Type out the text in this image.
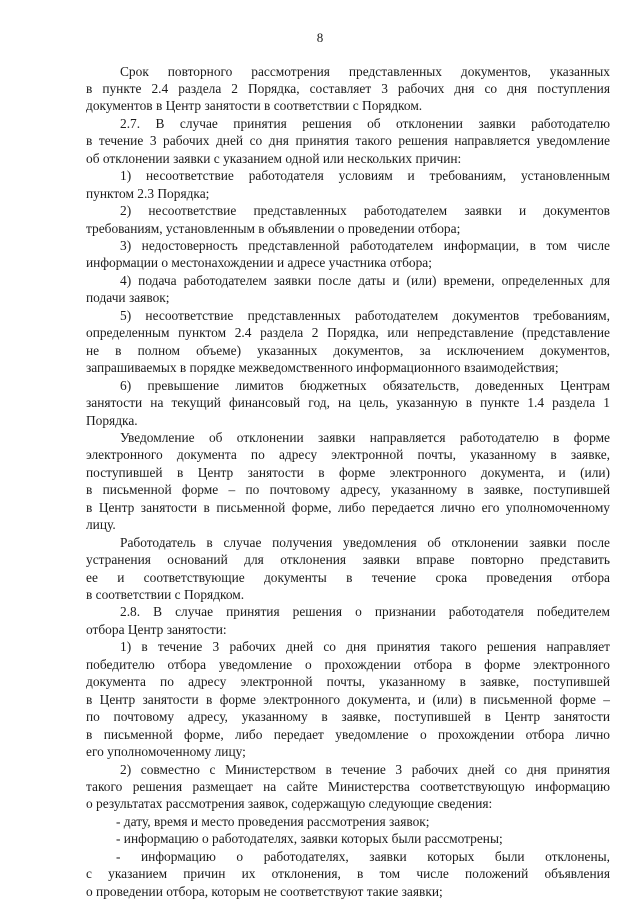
8
Срок повторного рассмотрения представленных документов, указанных
в пункте 2.4 раздела 2 Порядка, составляет 3 рабочих дня со дня поступления
документов в Центр занятости в соответствии с Порядком.
2.7. В случае принятия решения об отклонении заявки работодателю
в течение 3 рабочих дней со дня принятия такого решения направляется уведомление
об отклонении заявки с указанием одной или нескольких причин:
1) несоответствие работодателя условиям и требованиям, установленным
пунктом 2.3 Порядка;
2) несоответствие представленных работодателем заявки и документов
требованиям, установленным в объявлении о проведении отбора;
3) недостоверность представленной работодателем информации, в том числе
информации о местонахождении и адресе участника отбора;
4) подача работодателем заявки после даты и (или) времени, определенных для
подачи заявок;
5) несоответствие представленных работодателем документов требованиям,
определенным пунктом 2.4 раздела 2 Порядка, или непредставление (представление
не в полном объеме) указанных документов, за исключением документов,
запрашиваемых в порядке межведомственного информационного взаимодействия;
6) превышение лимитов бюджетных обязательств, доведенных Центрам
занятости на текущий финансовый год, на цель, указанную в пункте 1.4 раздела 1
Порядка.
Уведомление об отклонении заявки направляется работодателю в форме
электронного документа по адресу электронной почты, указанному в заявке,
поступившей в Центр занятости в форме электронного документа, и (или)
в письменной форме – по почтовому адресу, указанному в заявке, поступившей
в Центр занятости в письменной форме, либо передается лично его уполномоченному
лицу.
Работодатель в случае получения уведомления об отклонении заявки после
устранения оснований для отклонения заявки вправе повторно представить
ее и соответствующие документы в течение срока проведения отбора
в соответствии с Порядком.
2.8. В случае принятия решения о признании работодателя победителем
отбора Центр занятости:
1) в течение 3 рабочих дней со дня принятия такого решения направляет
победителю отбора уведомление о прохождении отбора в форме электронного
документа по адресу электронной почты, указанному в заявке, поступившей
в Центр занятости в форме электронного документа, и (или) в письменной форме –
по почтовому адресу, указанному в заявке, поступившей в Центр занятости
в письменной форме, либо передает уведомление о прохождении отбора лично
его уполномоченному лицу;
2) совместно с Министерством в течение 3 рабочих дней со дня принятия
такого решения размещает на сайте Министерства соответствующую информацию
о результатах рассмотрения заявок, содержащую следующие сведения:
- дату, время и место проведения рассмотрения заявок;
- информацию о работодателях, заявки которых были рассмотрены;
- информацию о работодателях, заявки которых были отклонены,
с указанием причин их отклонения, в том числе положений объявления
о проведении отбора, которым не соответствуют такие заявки;
